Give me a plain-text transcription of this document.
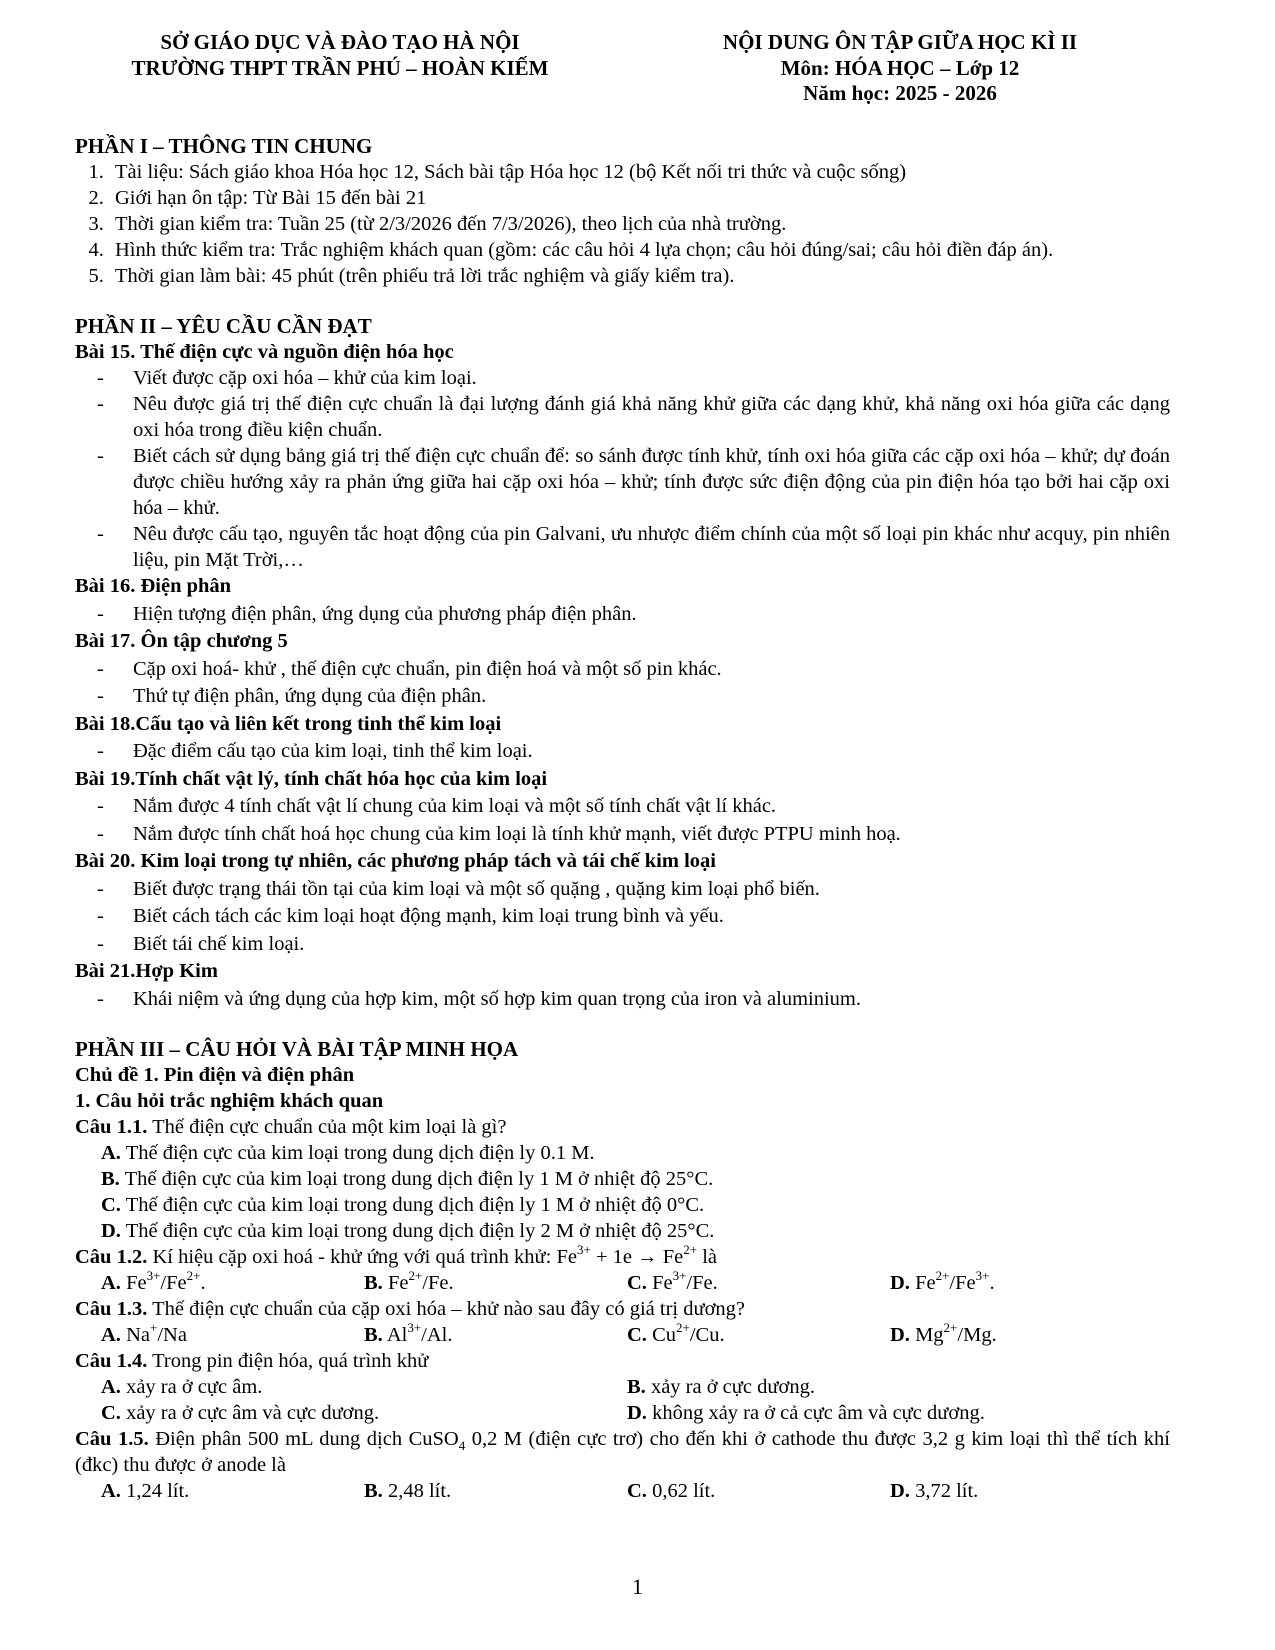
SỞ GIÁO DỤC VÀ ĐÀO TẠO HÀ NỘI
TRƯỜNG THPT TRẦN PHÚ – HOÀN KIẾM
NỘI DUNG ÔN TẬP GIỮA HỌC KÌ II
Môn: HÓA HỌC – Lớp 12
Năm học: 2025 - 2026
PHẦN I – THÔNG TIN CHUNG
1. Tài liệu: Sách giáo khoa Hóa học 12, Sách bài tập Hóa học 12 (bộ Kết nối tri thức và cuộc sống)
2. Giới hạn ôn tập: Từ Bài 15 đến bài 21
3. Thời gian kiểm tra: Tuần 25 (từ 2/3/2026 đến 7/3/2026), theo lịch của nhà trường.
4. Hình thức kiểm tra: Trắc nghiệm khách quan (gồm: các câu hỏi 4 lựa chọn; câu hỏi đúng/sai; câu hỏi điền đáp án).
5. Thời gian làm bài: 45 phút (trên phiếu trả lời trắc nghiệm và giấy kiểm tra).
PHẦN II – YÊU CẦU CẦN ĐẠT
Bài 15. Thế điện cực và nguồn điện hóa học
- Viết được cặp oxi hóa – khử của kim loại.
- Nêu được giá trị thế điện cực chuẩn là đại lượng đánh giá khả năng khử giữa các dạng khử, khả năng oxi hóa giữa các dạng oxi hóa trong điều kiện chuẩn.
- Biết cách sử dụng bảng giá trị thế điện cực chuẩn để: so sánh được tính khử, tính oxi hóa giữa các cặp oxi hóa – khử; dự đoán được chiều hướng xảy ra phản ứng giữa hai cặp oxi hóa – khử; tính được sức điện động của pin điện hóa tạo bởi hai cặp oxi hóa – khử.
- Nêu được cấu tạo, nguyên tắc hoạt động của pin Galvani, ưu nhược điểm chính của một số loại pin khác như acquy, pin nhiên liệu, pin Mặt Trời,…
Bài 16. Điện phân
- Hiện tượng điện phân, ứng dụng của phương pháp điện phân.
Bài 17. Ôn tập chương 5
- Cặp oxi hoá- khử , thế điện cực chuẩn, pin điện hoá và một số pin khác.
- Thứ tự điện phân, ứng dụng của điện phân.
Bài 18.Cấu tạo và liên kết trong tinh thể kim loại
- Đặc điểm cấu tạo của kim loại, tinh thể kim loại.
Bài 19.Tính chất vật lý, tính chất hóa học của kim loại
- Nắm được 4 tính chất vật lí chung của kim loại và một số tính chất vật lí khác.
- Nắm được tính chất hoá học chung của kim loại là tính khử mạnh, viết được PTPU minh hoạ.
Bài 20. Kim loại trong tự nhiên, các phương pháp tách và tái chế kim loại
- Biết được trạng thái tồn tại của kim loại và một số quặng , quặng kim loại phổ biến.
- Biết cách tách các kim loại hoạt động mạnh, kim loại trung bình và yếu.
- Biết tái chế kim loại.
Bài 21.Hợp Kim
- Khái niệm và ứng dụng của hợp kim, một số hợp kim quan trọng của iron và aluminium.
PHẦN III – CÂU HỎI VÀ BÀI TẬP MINH HỌA
Chủ đề 1. Pin điện và điện phân
1. Câu hỏi trắc nghiệm khách quan
Câu 1.1. Thế điện cực chuẩn của một kim loại là gì?
A. Thế điện cực của kim loại trong dung dịch điện ly 0.1 M.
B. Thế điện cực của kim loại trong dung dịch điện ly 1 M ở nhiệt độ 25°C.
C. Thế điện cực của kim loại trong dung dịch điện ly 1 M ở nhiệt độ 0°C.
D. Thế điện cực của kim loại trong dung dịch điện ly 2 M ở nhiệt độ 25°C.
Câu 1.2. Kí hiệu cặp oxi hoá - khử ứng với quá trình khử: $Fe^{3+} + 1e \to Fe^{2+}$ là
A. $Fe^{3+}/Fe^{2+}$.	B. $Fe^{2+}/Fe$.	C. $Fe^{3+}/Fe$.	D. $Fe^{2+}/Fe^{3+}$.
Câu 1.3. Thế điện cực chuẩn của cặp oxi hóa – khử nào sau đây có giá trị dương?
A. Na+/Na	B. $Al^{3+}/Al$.	C. $Cu^{2+}/Cu$.	D. $Mg^{2+}/Mg$.
Câu 1.4. Trong pin điện hóa, quá trình khử
A. xảy ra ở cực âm.	B. xảy ra ở cực dương.
C. xảy ra ở cực âm và cực dương.	D. không xảy ra ở cả cực âm và cực dương.
Câu 1.5. Điện phân 500 mL dung dịch CuSO$_4$ 0,2 M (điện cực trơ) cho đến khi ở cathode thu được 3,2 g kim loại thì thể tích khí (đkc) thu được ở anode là
A. 1,24 lít.	B. 2,48 lít.	C. 0,62 lít.	D. 3,72 lít.
1
